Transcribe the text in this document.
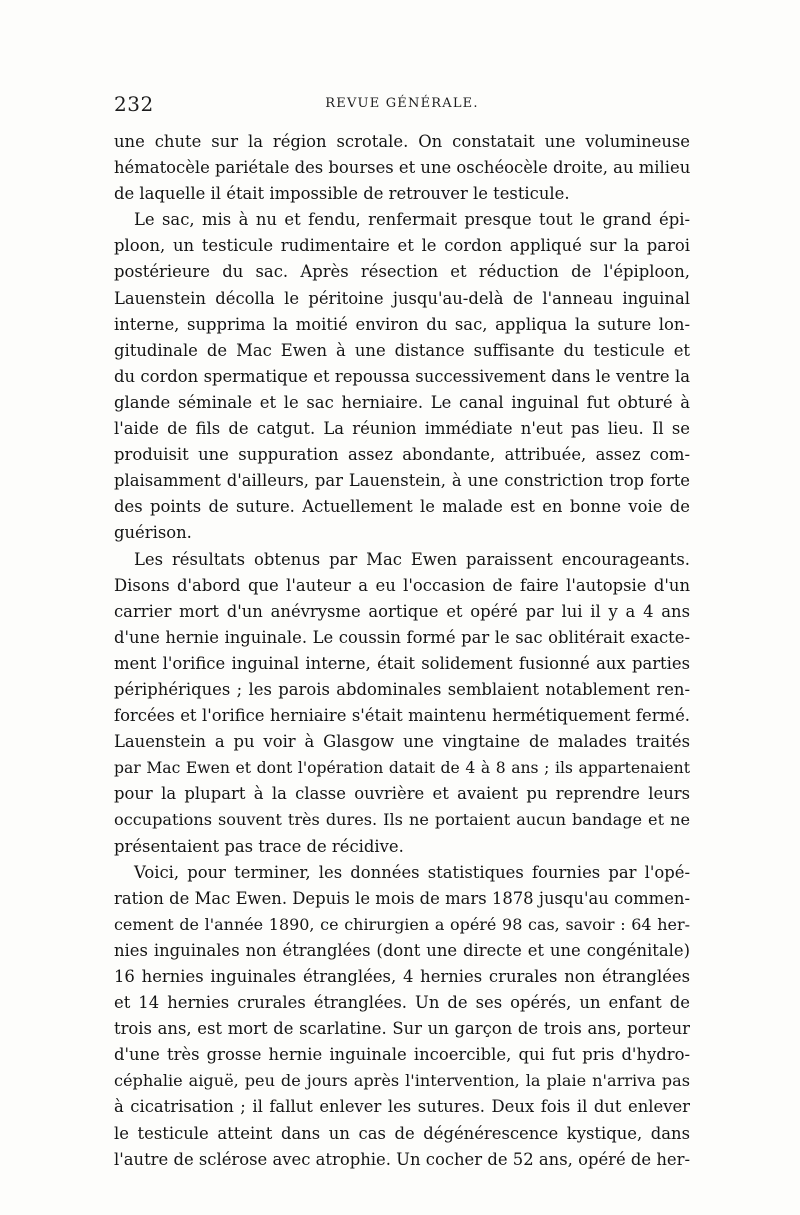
232	REVUE GÉNÉRALE.
une chute sur la région scrotale. On constatait une volumineuse
hématocèle pariétale des bourses et une oschéocèle droite, au milieu
de laquelle il était impossible de retrouver le testicule.
Le sac, mis à nu et fendu, renfermait presque tout le grand épi-
ploon, un testicule rudimentaire et le cordon appliqué sur la paroi
postérieure du sac. Après résection et réduction de l'épiploon,
Lauenstein décolla le péritoine jusqu'au-delà de l'anneau inguinal
interne, supprima la moitié environ du sac, appliqua la suture lon-
gitudinale de Mac Ewen à une distance suffisante du testicule et
du cordon spermatique et repoussa successivement dans le ventre la
glande séminale et le sac herniaire. Le canal inguinal fut obturé à
l'aide de fils de catgut. La réunion immédiate n'eut pas lieu. Il se
produisit une suppuration assez abondante, attribuée, assez com-
plaisamment d'ailleurs, par Lauenstein, à une constriction trop forte
des points de suture. Actuellement le malade est en bonne voie de
guérison.
Les résultats obtenus par Mac Ewen paraissent encourageants.
Disons d'abord que l'auteur a eu l'occasion de faire l'autopsie d'un
carrier mort d'un anévrysme aortique et opéré par lui il y a 4 ans
d'une hernie inguinale. Le coussin formé par le sac oblitérait exacte-
ment l'orifice inguinal interne, était solidement fusionné aux parties
périphériques ; les parois abdominales semblaient notablement ren-
forcées et l'orifice herniaire s'était maintenu hermétiquement fermé.
Lauenstein a pu voir à Glasgow une vingtaine de malades traités
par Mac Ewen et dont l'opération datait de 4 à 8 ans ; ils appartenaient
pour la plupart à la classe ouvrière et avaient pu reprendre leurs
occupations souvent très dures. Ils ne portaient aucun bandage et ne
présentaient pas trace de récidive.
Voici, pour terminer, les données statistiques fournies par l'opé-
ration de Mac Ewen. Depuis le mois de mars 1878 jusqu'au commen-
cement de l'année 1890, ce chirurgien a opéré 98 cas, savoir : 64 her-
nies inguinales non étranglées (dont une directe et une congénitale)
16 hernies inguinales étranglées, 4 hernies crurales non étranglées
et 14 hernies crurales étranglées. Un de ses opérés, un enfant de
trois ans, est mort de scarlatine. Sur un garçon de trois ans, porteur
d'une très grosse hernie inguinale incoercible, qui fut pris d'hydro-
céphalie aiguë, peu de jours après l'intervention, la plaie n'arriva pas
à cicatrisation ; il fallut enlever les sutures. Deux fois il dut enlever
le testicule atteint dans un cas de dégénérescence kystique, dans
l'autre de sclérose avec atrophie. Un cocher de 52 ans, opéré de her-
